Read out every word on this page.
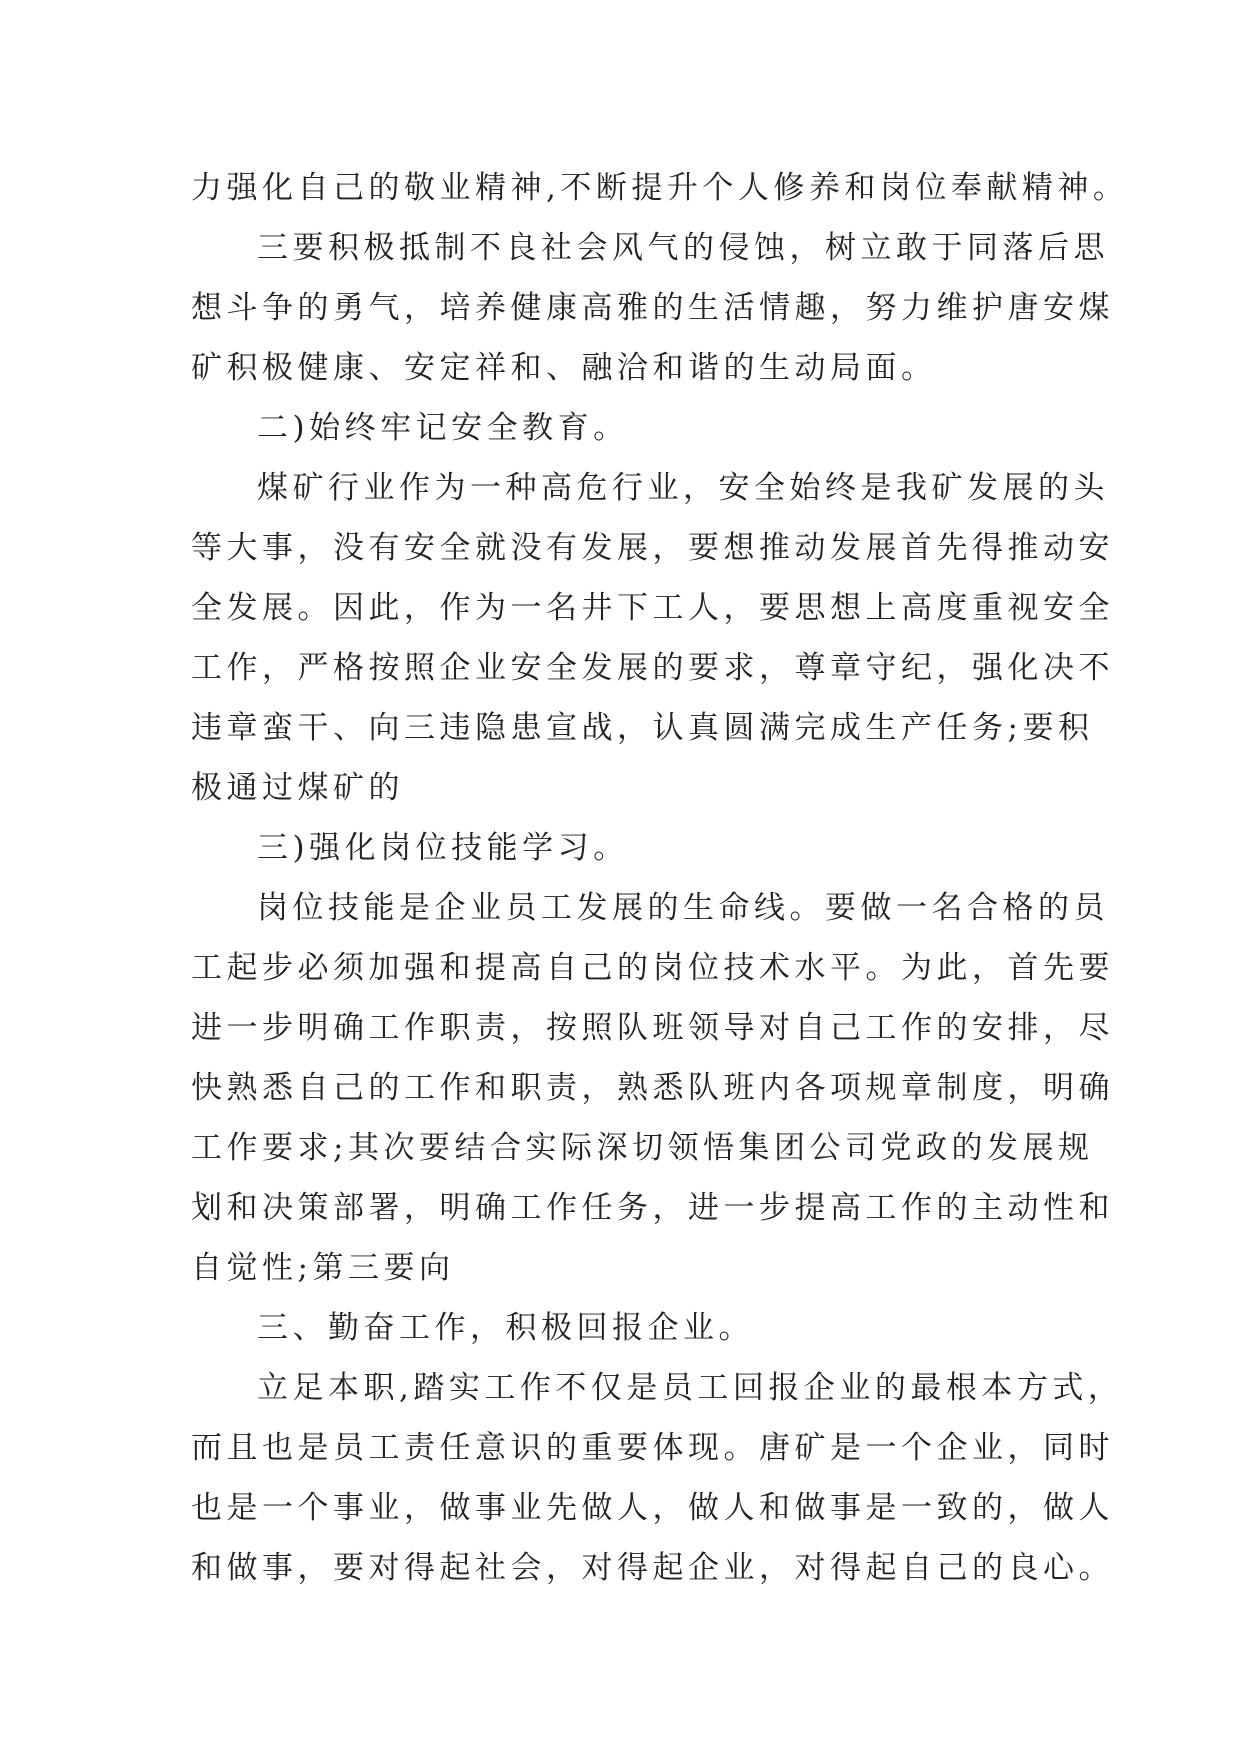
力强化自己的敬业精神,不断提升个人修养和岗位奉献精神。
三要积极抵制不良社会风气的侵蚀，树立敢于同落后思
想斗争的勇气，培养健康高雅的生活情趣，努力维护唐安煤
矿积极健康、安定祥和、融洽和谐的生动局面。
二)始终牢记安全教育。
煤矿行业作为一种高危行业，安全始终是我矿发展的头
等大事，没有安全就没有发展，要想推动发展首先得推动安
全发展。因此，作为一名井下工人，要思想上高度重视安全
工作，严格按照企业安全发展的要求，尊章守纪，强化决不
违章蛮干、向三违隐患宣战，认真圆满完成生产任务;要积
极通过煤矿的
三)强化岗位技能学习。
岗位技能是企业员工发展的生命线。要做一名合格的员
工起步必须加强和提高自己的岗位技术水平。为此，首先要
进一步明确工作职责，按照队班领导对自己工作的安排，尽
快熟悉自己的工作和职责，熟悉队班内各项规章制度，明确
工作要求;其次要结合实际深切领悟集团公司党政的发展规
划和决策部署，明确工作任务，进一步提高工作的主动性和
自觉性;第三要向
三、勤奋工作，积极回报企业。
立足本职,踏实工作不仅是员工回报企业的最根本方式，
而且也是员工责任意识的重要体现。唐矿是一个企业，同时
也是一个事业，做事业先做人，做人和做事是一致的，做人
和做事，要对得起社会，对得起企业，对得起自己的良心。
